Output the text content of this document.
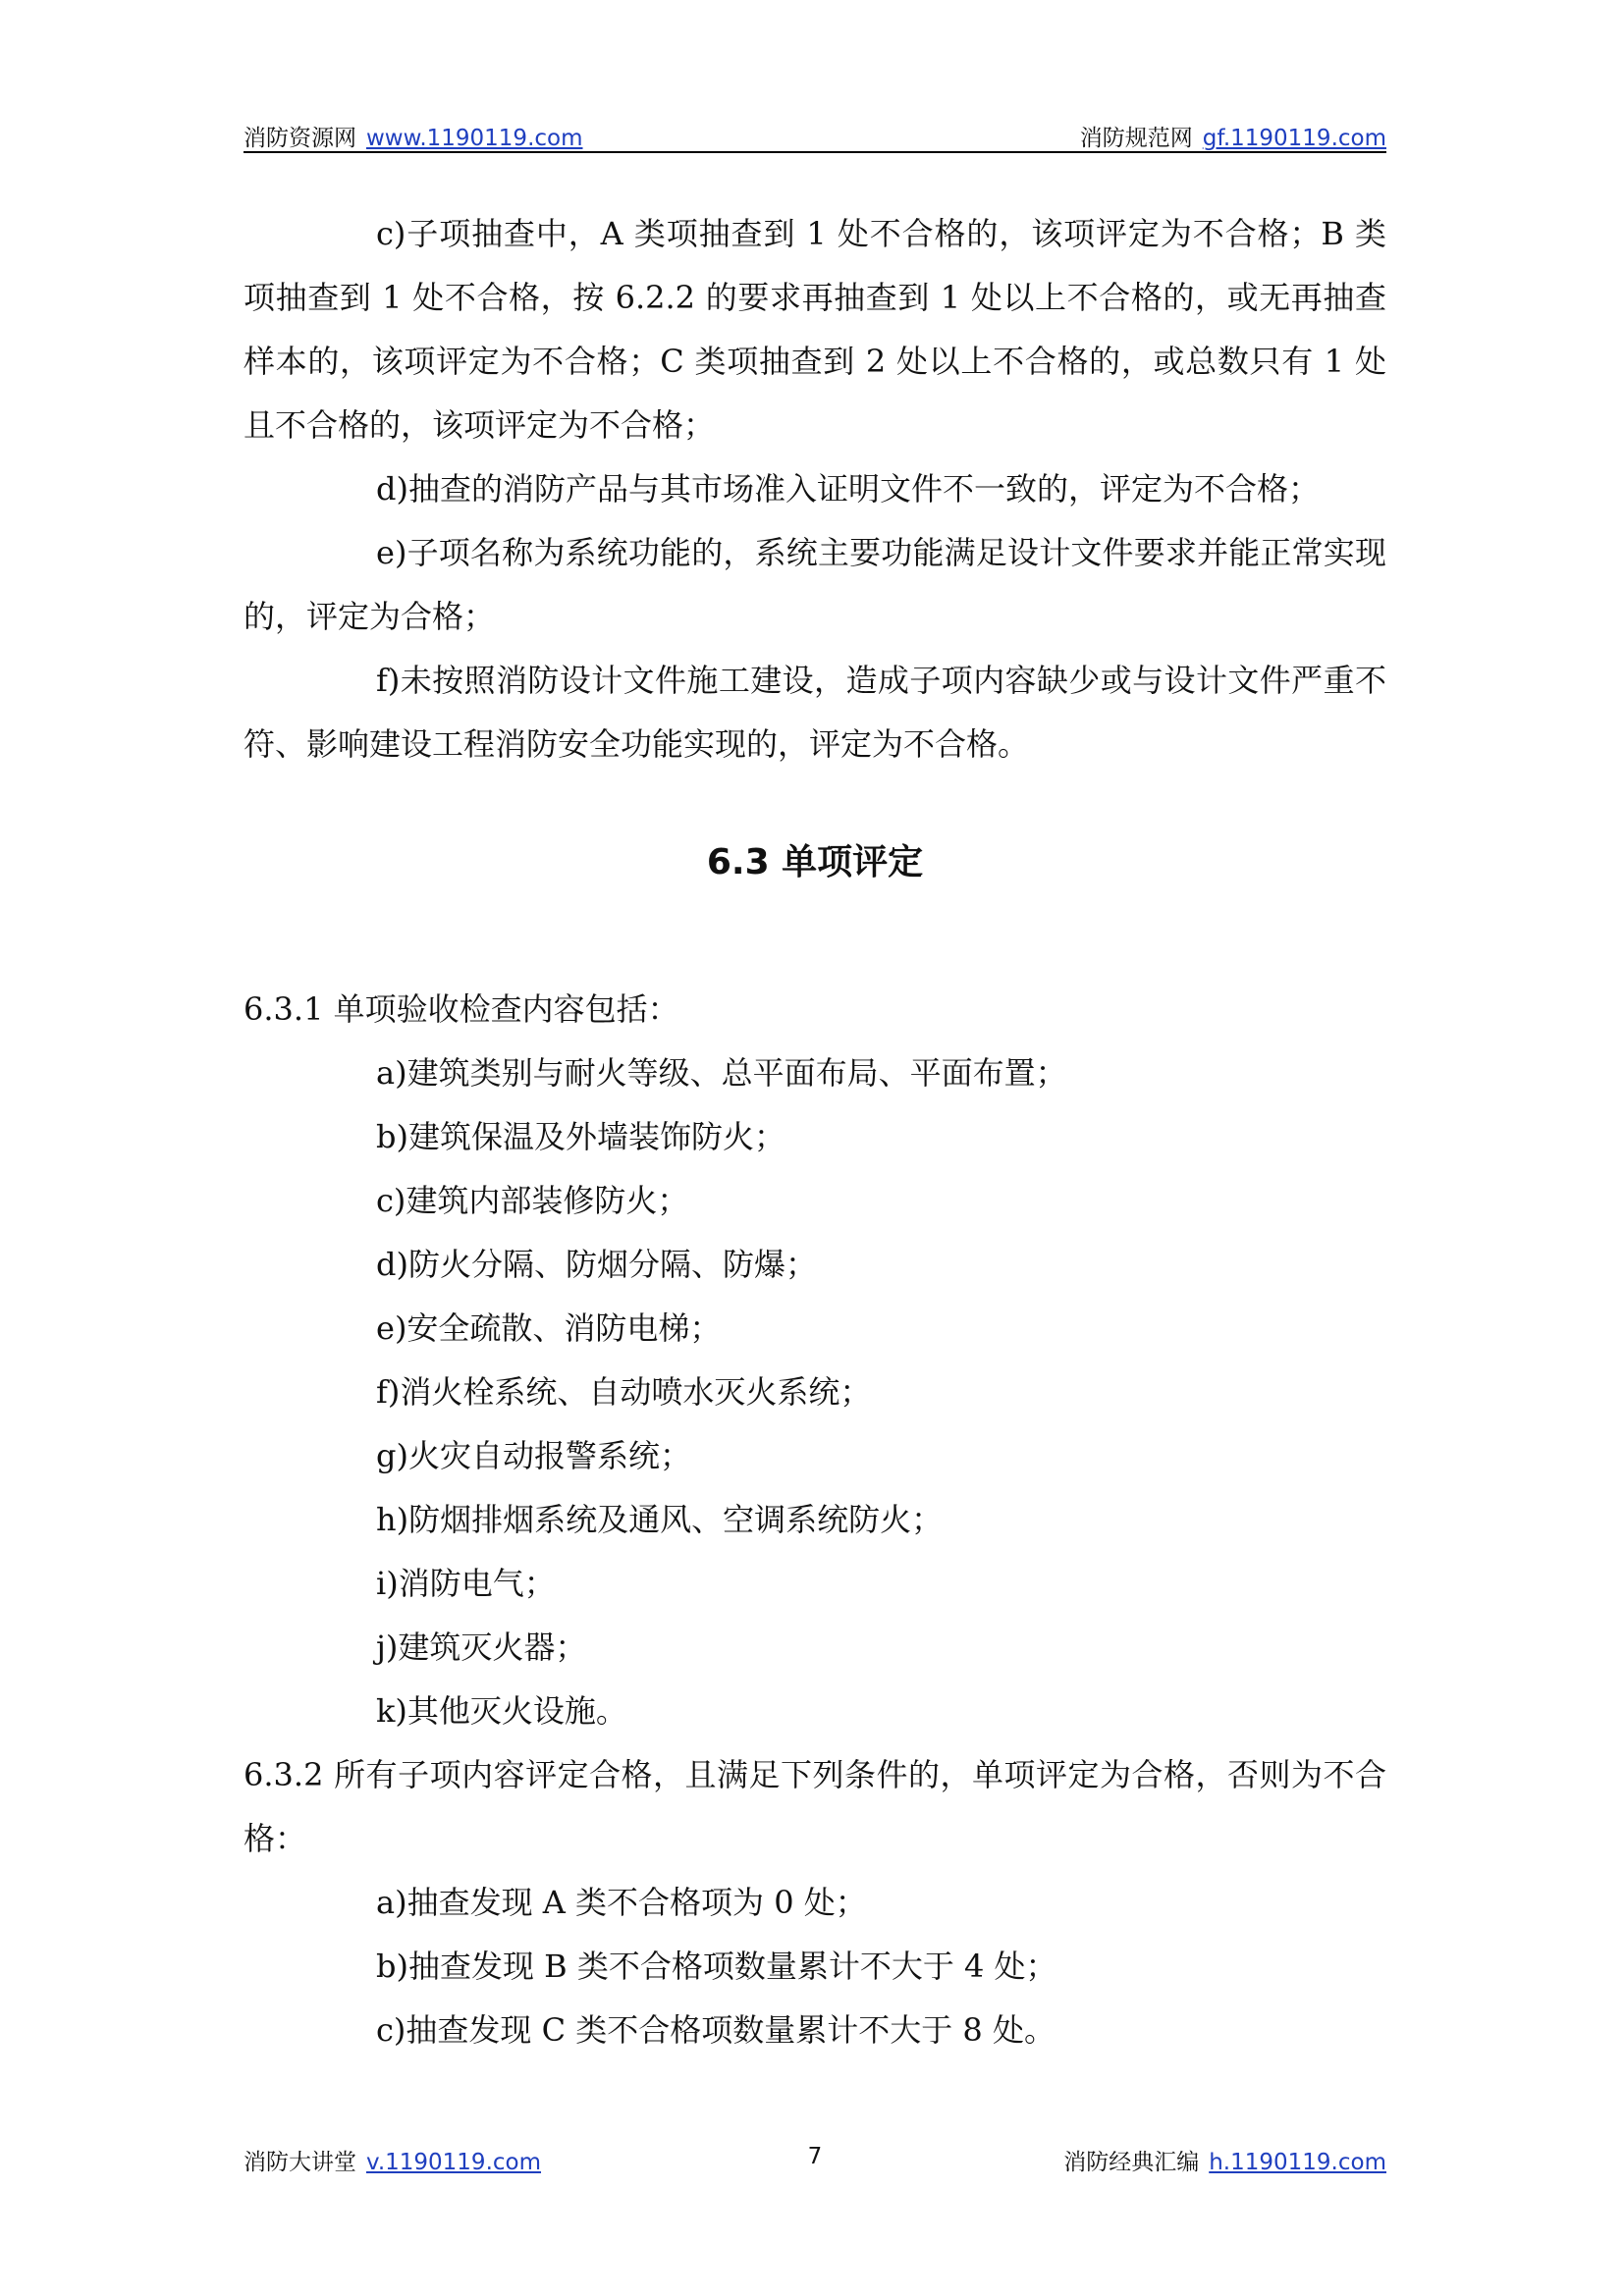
消防资源网 www.1190119.com	消防规范网 gf.1190119.com

c)子项抽查中，A 类项抽查到 1 处不合格的，该项评定为不合格；B 类项抽查到 1 处不合格，按 6.2.2 的要求再抽查到 1 处以上不合格的，或无再抽查样本的，该项评定为不合格；C 类项抽查到 2 处以上不合格的，或总数只有 1 处且不合格的，该项评定为不合格；

d)抽查的消防产品与其市场准入证明文件不一致的，评定为不合格；

e)子项名称为系统功能的，系统主要功能满足设计文件要求并能正常实现的，评定为合格；

f)未按照消防设计文件施工建设，造成子项内容缺少或与设计文件严重不符、影响建设工程消防安全功能实现的，评定为不合格。

6.3 单项评定

6.3.1 单项验收检查内容包括：

a)建筑类别与耐火等级、总平面布局、平面布置；

b)建筑保温及外墙装饰防火；

c)建筑内部装修防火；

d)防火分隔、防烟分隔、防爆；

e)安全疏散、消防电梯；

f)消火栓系统、自动喷水灭火系统；

g)火灾自动报警系统；

h)防烟排烟系统及通风、空调系统防火；

i)消防电气；

j)建筑灭火器；

k)其他灭火设施。

6.3.2 所有子项内容评定合格，且满足下列条件的，单项评定为合格，否则为不合格：

a)抽查发现 A 类不合格项为 0 处；

b)抽查发现 B 类不合格项数量累计不大于 4 处；

c)抽查发现 C 类不合格项数量累计不大于 8 处。

消防大讲堂 v.1190119.com	7	消防经典汇编 h.1190119.com
